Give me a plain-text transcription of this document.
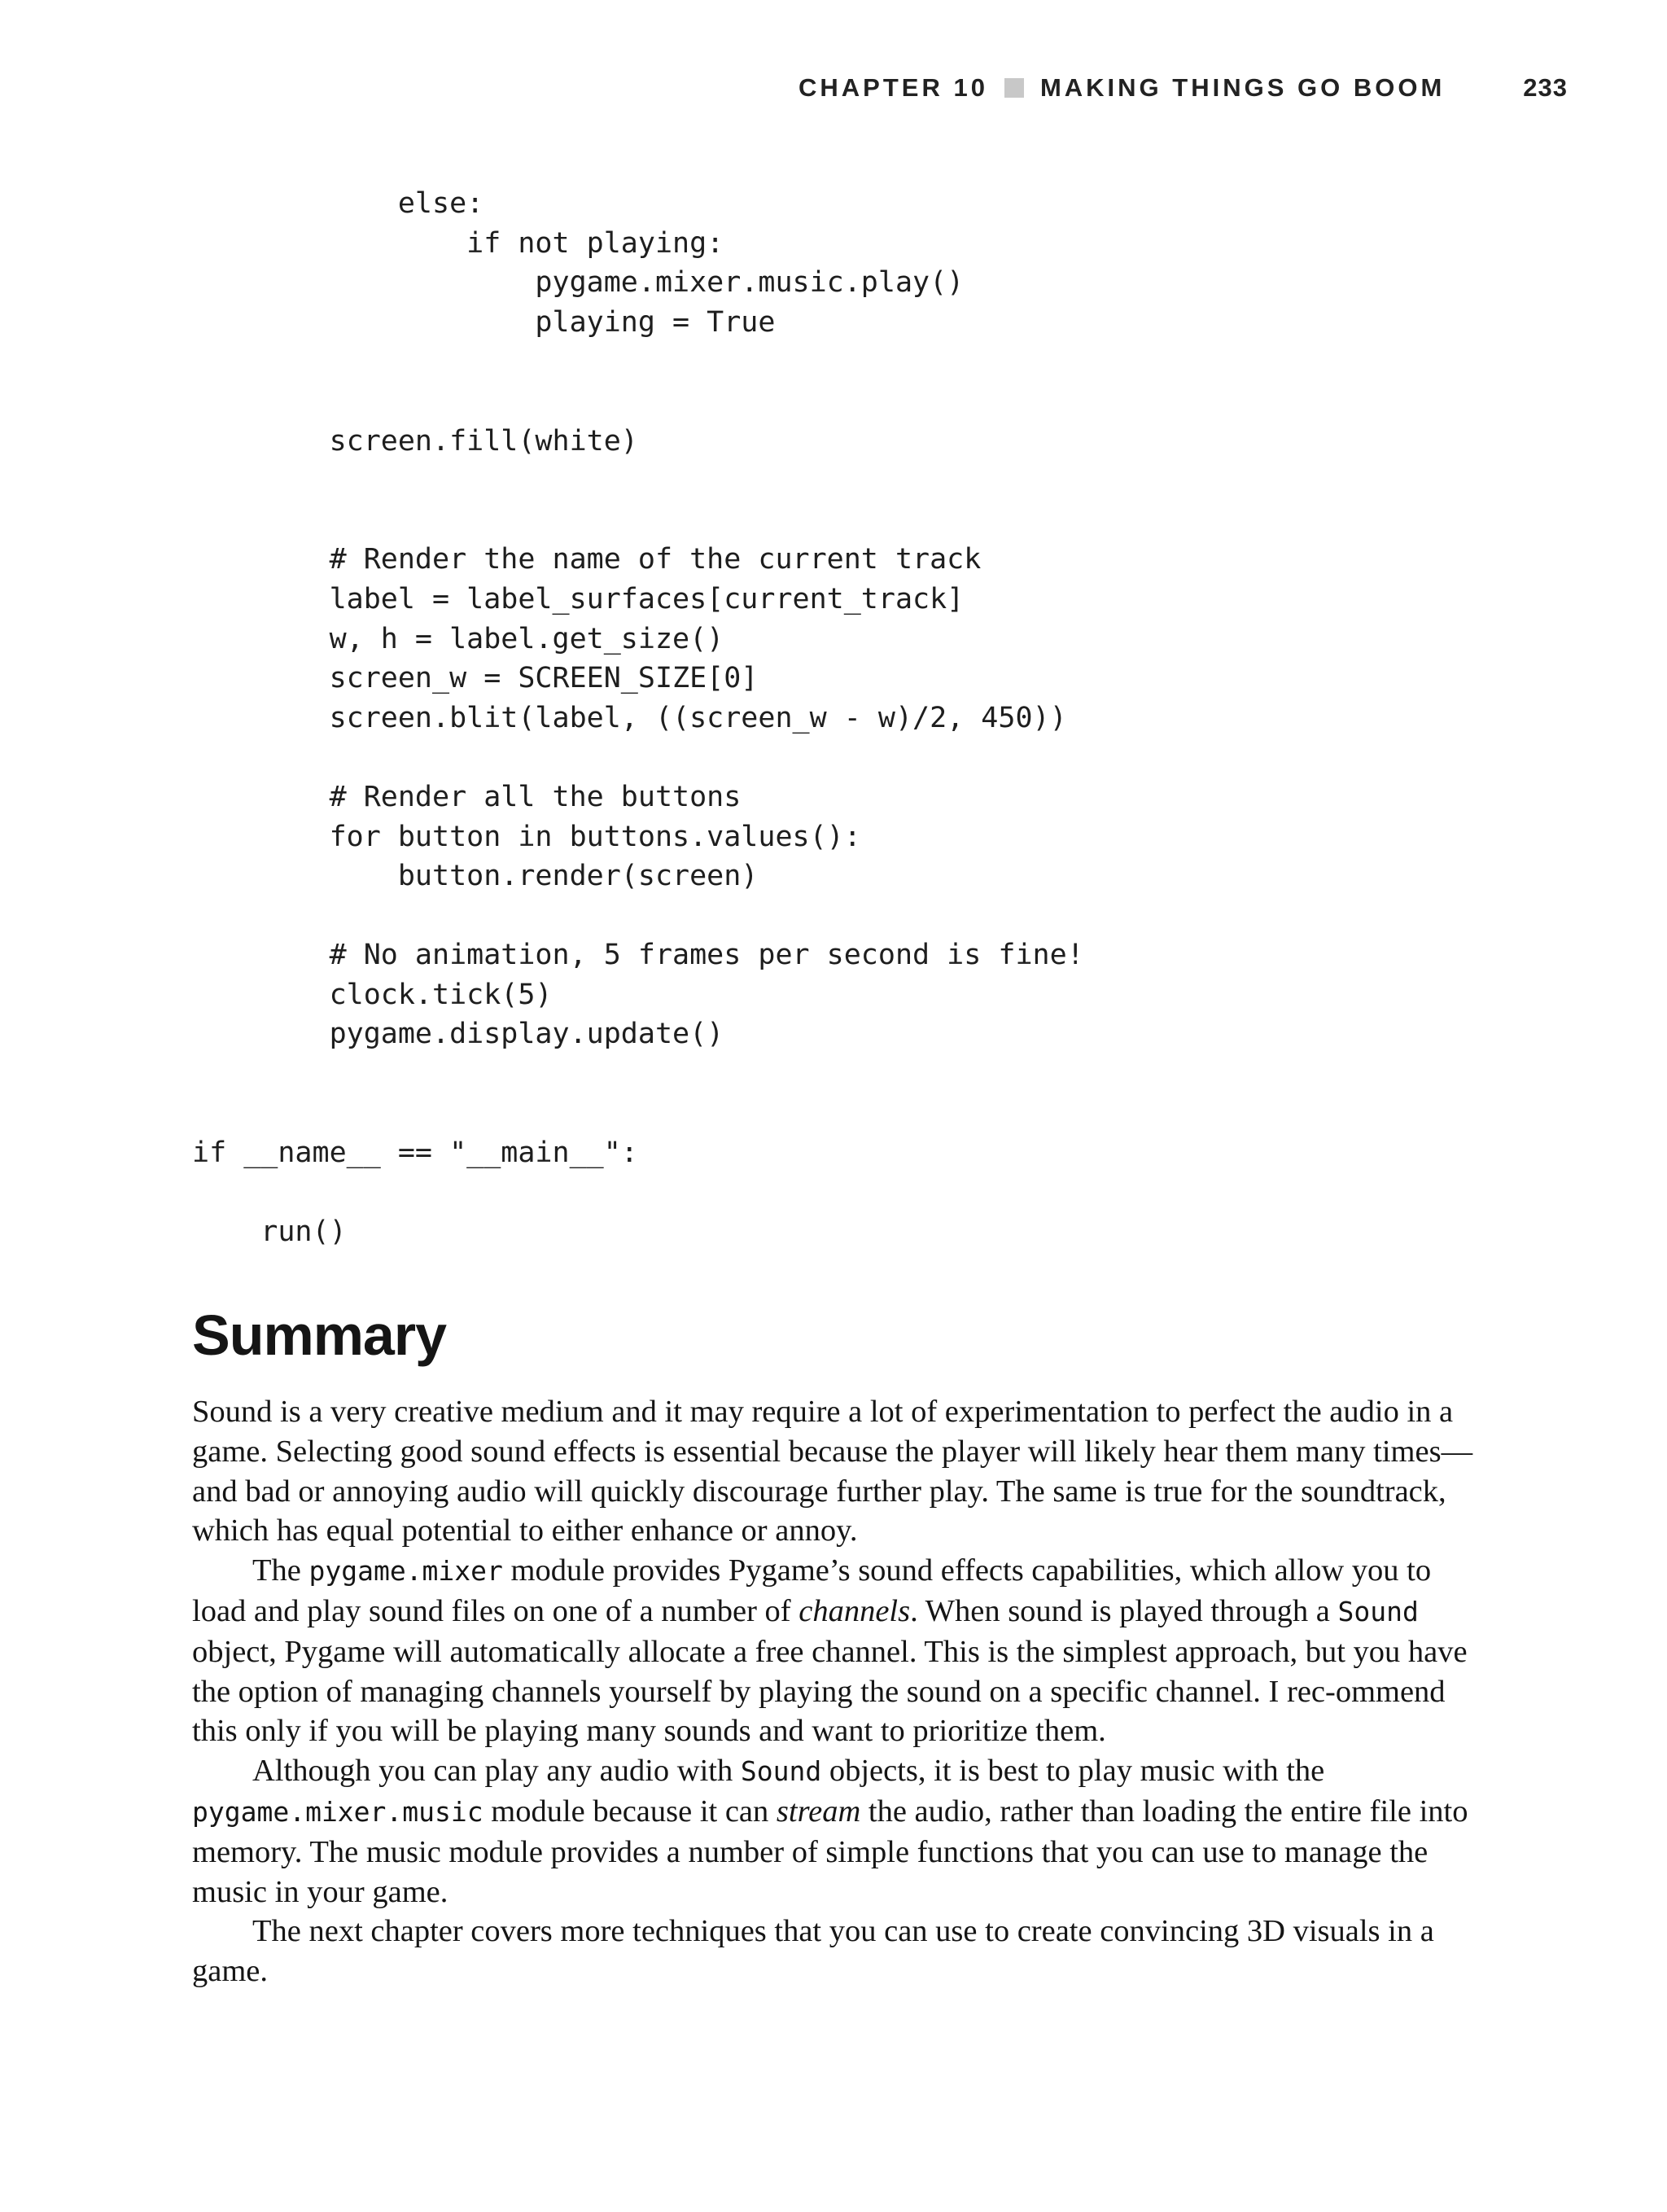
CHAPTER 10 MAKING THINGS GO BOOM	233
else:
if not playing:
pygame.mixer.music.play()
playing = True
screen.fill(white)
# Render the name of the current track
label = label_surfaces[current_track]
w, h = label.get_size()
screen_w = SCREEN_SIZE[0]
screen.blit(label, ((screen_w - w)/2, 450))
# Render all the buttons
for button in buttons.values():
button.render(screen)
# No animation, 5 frames per second is fine!
clock.tick(5)
pygame.display.update()
if __name__ == "__main__":
run()
Summary

Sound is a very creative medium and it may require a lot of experimentation to perfect the audio in a game. Selecting good sound effects is essential because the player will likely hear them many times—and bad or annoying audio will quickly discourage further play. The same is true for the soundtrack, which has equal potential to either enhance or annoy.

The pygame.mixer module provides Pygame’s sound effects capabilities, which allow you to load and play sound files on one of a number of channels. When sound is played through a Sound object, Pygame will automatically allocate a free channel. This is the simplest approach, but you have the option of managing channels yourself by playing the sound on a specific channel. I rec-ommend this only if you will be playing many sounds and want to prioritize them.

Although you can play any audio with Sound objects, it is best to play music with the pygame.mixer.music module because it can stream the audio, rather than loading the entire file into memory. The music module provides a number of simple functions that you can use to manage the music in your game.

The next chapter covers more techniques that you can use to create convincing 3D visuals in a game.
